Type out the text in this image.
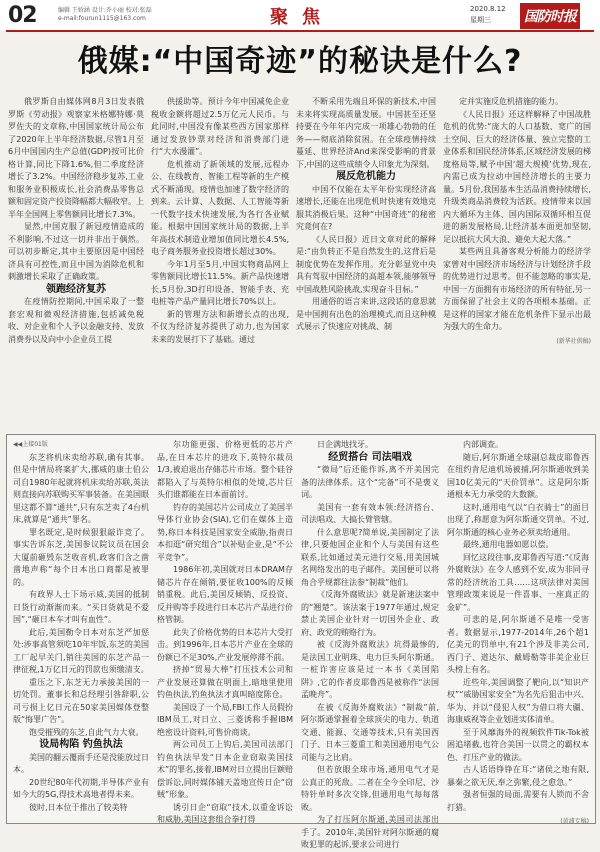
02	编辑 王娇涵 设计:乔小丽 校对:张磊
e-mail:fourun1115@163.com	聚焦	2020.8.12
星期三 国防时报
俄媒:“中国奇迹”的秘诀是什么?

俄罗斯自由媒体网8月3日发表俄罗斯《劳动报》观察家米格娜特娜·莫罗佐夫的文章称,中国国家统计局公布了2020年上半年经济数据,尽管1月至6月中国国内生产总值(GDP)按可比价格计算,同比下降1.6%,但二季度经济增长了3.2%。中国经济稳步复苏,工业和服务业积极成长,社会消费品零售总额和固定资产投资降幅都大幅收窄。上半年全国网上零售额同比增长7.3%。

显然,中国克服了新冠疫情造成的不利影响,不过这一切并非出于偶然。可以初步断定,其中主要原因是中国经济具有可控性,而且中国为消除危机和刺激增长采取了正确政策。

领跑经济复苏

在疫情防控期间,中国采取了一整套宏观和微观经济措施,包括减免税收、对企业和个人予以金融支持、发放消费券以及向中小企业员工提

供援助等。预计今年中国减免企业税收金额将超过2.5万亿元人民币。与此同时,中国没有像某些西方国家那样通过发放钞票对经济和消费部门进行“大水漫灌”。

危机推动了新领域的发展,远程办公、在线教育、智能工程等新的生产模式不断涌现。疫情也加速了数字经济的到来。云计算、人数据、人工智能等新一代数字技术快速发展,为各行各业赋能。根据中国国家统计局的数据,上半年高技术制造业增加值同比增长4.5%,电子商务服务业投资增长超过30%。

今年1月至5月,中国实物商品网上零售额同比增长11.5%。新产品快速增长,5月份,3D打印设备、智能手表、充电桩等产品产量同比增长70%以上。

新的管理方法和新增长点的出现,不仅为经济复苏提供了动力,也为国家未来的发展打下了基础。通过

不断采用先端且环保的新技术,中国未来将实现高质量发展。中国甚至还坚持要在今年年内完成一项雄心勃勃的任务——彻底消除贫困。在全球疫情持续蔓延、世界经济And来深受影响的背景下,中国的这些成绩令人印象尤为深刻。

展反危机能力

中国不仅能在太平年份实现经济高速增长,还能在出现危机时快速有效地克服其消极后果。这种“中国奇迹”的秘密究竟何在?

《人民日报》近日文章对此的解释是:“由负转正不是自然发生的,这背后是制度优势在发挥作用。充分彰显党中央具有驾驭中国经济的高超本领,能够领导中国战胜风险挑战,实现奋斗目标。”

用通俗的语言来讲,这段话的意思就是中国拥有出色的治理模式,而且这种模式展示了快速应对挑战、制

定并实施反危机措施的能力。

《人民日报》还这样解释了中国战胜危机的优势:“庞大的人口基数、宽广的国土空间、巨大的经济体量、独立完整的工业体系和国民经济体系,区域经济发展的梯度格局等,赋予中国‘超大规模’优势,现在,内需已成为拉动中国经济增长的主要力量。5月份,我国基本生活品消费持续增长,升级类商品消费较为活跃。疫情带来以国内大循环为主体、国内国际双循环相互促进的新发展格局,让经济基本面更加坚韧,足以抵抗大风大浪、避免大起大落。”

某些两且具备客观分析能力的经济学家曾对中国经济市场经济与计划经济手段的优势进行过思考。但不能忽略的事实是,中国一方面拥有市场经济的所有特征,另一方面保留了社会主义的各项根本基础。正是这样的国家才能在危机条件下显示出最为强大的生命力。

(新华社供稿)

◀◀上接01版

东芝将机床卖给苏联,确有其事。但是中情局将案扩大,挪威的康士伯公司自1980年起就将机床卖给苏联,英法则直接向苏联购买军事装备。在美国眼里这都不算“通共”,只有东芝卖了4台机床,就算是“通共”罪名。

罪名既定,是时候狠狠敲诈竞了。事实告诉东芝,美国参议院议员在国会大厦前砸毁东芝收音机,政客们含之凿凿地声称“每个日本出口商都是被罪的。

有政界人士下场示威,美国的抵制日货行动渐渐而来。“买日货就是不爱国”,“砸日本车才叫有血性”。

此后,美国勒令日本对东芝严加惩处:涉事高管须吃10年牢饭,东芝的美国工厂起早关门,销往美国的东芝产品一律征税,1万亿日元的罚款也须缴清支。

重压之下,东芝无力承接美国的一切处罚。董事长和总经理引咎辞职,公司亏损上亿日元在50家美国媒体登整版“悔罪广告”。

饱受摧残的东芝,自此气力大衰。

设局构陷 钓鱼执法

美国的翻云覆雨手还是没能放过日本。

20世纪80年代初期,半导体产业有如今大的5G,得技术高地者得未来。

彼时,日本位于推出了较美特

尔功能更强、价格更低的芯片产品,在日本芯片的进攻下,英特尔裁员1/3,被迫退出存储芯片市场。整个硅谷都陷入了与英特尔相似的处境,芯片巨头们谁都能在日本面前讨。

钓存的美国芯片公司成立了美国半导体行业协会(SIA),它们在媒体上造势,称日本科技是国家安全威胁,指责日本扣逛“研究组合”以补贴企业,是“不公平竞争”。

1986年初,美国就对日本DRAM存储芯片存在倾销,要征收100%的反倾销重税。此后,美国反倾销、反投资、反并购等手段进行日本芯片产品进行价格管制。

此失了价格优势的日本芯片大受打击。到1996年,日本芯片产业在全球的份额已不足30%,产业发展停滞不前。

挤掉“贸易大棒”打压技术公司和产业发展还算做在明面上,暗地里使用钓鱼执法,钓鱼执法才真叫暗度陈仓。

美国设了一个局,FBI工作人员假扮IBM员工,对日立、三菱诱称手握IBM绝密设计资料,可售价商谈。

两公司员工上钩后,美国司法部门钓鱼执法早发“日本企业窃取美国技术”的罪名,接着,IBM对日立提出巨额赔偿诉讼,同时媒体铺天盖地宣传日企“窃贼”形象。

诱引日企“窃取”技术,以重金诉讼和威胁,美国这套组合拳打得

日企满地找牙。

经贸搭台 司法唱戏

“微局”后还能作诉,离不开美国完备的法律体系。这个“完备”可不是褒义词。

美国有一套有效本领:经济搭台、司法唱戏、大搞长臂管辖。

什么意思呢?简单说,美国制定了法律,只要他国企业和个人与美国有这些联系,比如通过美元进行交易,用美国城名网络发出的电子邮件。美国便可以将角合乎规都往法参“制裁”他们。

《反海外腐败法》就是新速法案中的“翘楚”。该法案于1977年通过,规定禁止美国企业针对一切国外企业、政府、政党的贿赂行为。

被《反海外腐败法》坑得最惨的,是法国工业明珠、电力巨头阿尔斯通。一桩诈害应该是过一本书《美国陷阱》,它的作者皮耶鲁西是被称作“法国孟晚舟”。

在被《反海外腐败法》“制裁”前,阿尔斯通掌握着全球顶尖的电力、轨道交通、能源、交通等技术,只有美国西门子、日本三菱重工和美国通用电气公司能与之比肩。

但若放眼全球市场,通用电气才是公真正的死敌。二者在全今全印尼、沙特针单时多次交锋,但通用电气每每落败。

为了打压阿尔斯通,美国司法部出手了。2010年,美国针对阿尔斯通的腐败犯罪的起诉,要求公司进行

内部调查。

随后,阿尔斯通全球副总裁皮耶鲁西在纽约肯尼迪机场被捕,阿尔斯通收到美国10亿美元的“天价罚单”。这是阿尔斯通根本无力承受的大数额。

这时,通用电气以“白衣骑士”的面目出现了,称愿意为阿尔斯通交罚单。不过,阿尔斯通的核心业务必须卖给通用。

最终,通用电器如愿以偿。

回忆这段往事,皮耶鲁西写道:“《反海外腐败法》在令人感到不安,成为非同寻常的经济统治工具……这项法律对美国管理政策来说是一件喜事、一座真正的金矿”。

可悲的是,阿尔斯通不是唯一受害者。数据显示,1977-2014年,26个超1亿美元的罚单中,有21个涉及非美公司,西门子、道达尔、戴姆勒等非美企业巨头榜上有名。

近些年,美国调整了靶向,以“知识产权”“威胁国家安全”为名先后狙击中兴、华为、并以“侵犯人权”为借口将大疆、海康威视等企业划进实体清单。

至于风靡海外的视频软件Tik-Tok被困追堵截,也符合美国一以贯之的霸权本色、打压产业的做法。

古人话语铮铮在耳:“诸侯之地有限,暴秦之欲无厌,奉之弥繁,侵之愈急。”

强者恒强的局面,需要有人锁而不舍打猎。

(黄浦专稿)
